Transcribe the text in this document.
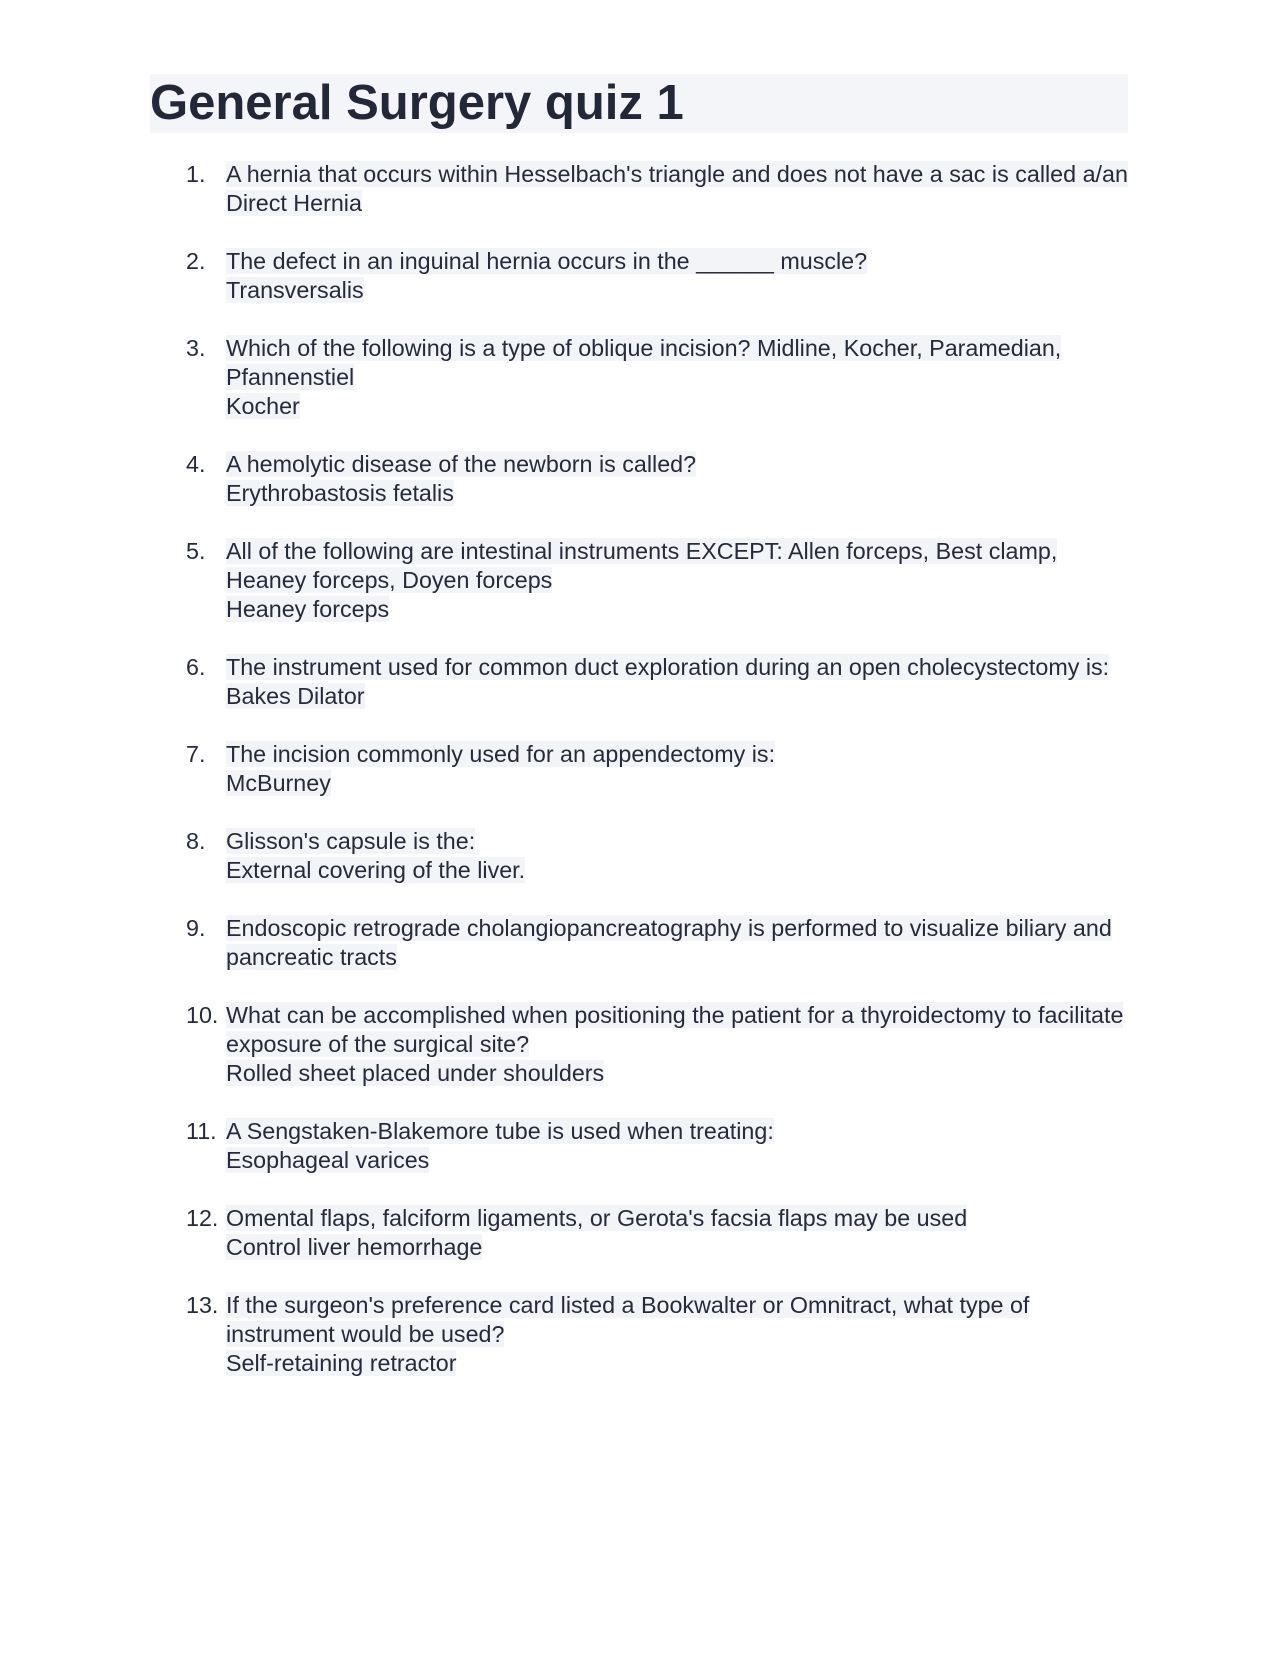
General Surgery quiz 1
1. A hernia that occurs within Hesselbach's triangle and does not have a sac is called a/an
Direct Hernia
2. The defect in an inguinal hernia occurs in the ______ muscle?
Transversalis
3. Which of the following is a type of oblique incision? Midline, Kocher, Paramedian, Pfannenstiel
Kocher
4. A hemolytic disease of the newborn is called?
Erythrobastosis fetalis
5. All of the following are intestinal instruments EXCEPT: Allen forceps, Best clamp, Heaney forceps, Doyen forceps
Heaney forceps
6. The instrument used for common duct exploration during an open cholecystectomy is:
Bakes Dilator
7. The incision commonly used for an appendectomy is:
McBurney
8. Glisson's capsule is the:
External covering of the liver.
9. Endoscopic retrograde cholangiopancreatography is performed to visualize biliary and pancreatic tracts
10. What can be accomplished when positioning the patient for a thyroidectomy to facilitate exposure of the surgical site?
Rolled sheet placed under shoulders
11. A Sengstaken-Blakemore tube is used when treating:
Esophageal varices
12. Omental flaps, falciform ligaments, or Gerota's facsia flaps may be used
Control liver hemorrhage
13. If the surgeon's preference card listed a Bookwalter or Omnitract, what type of instrument would be used?
Self-retaining retractor
